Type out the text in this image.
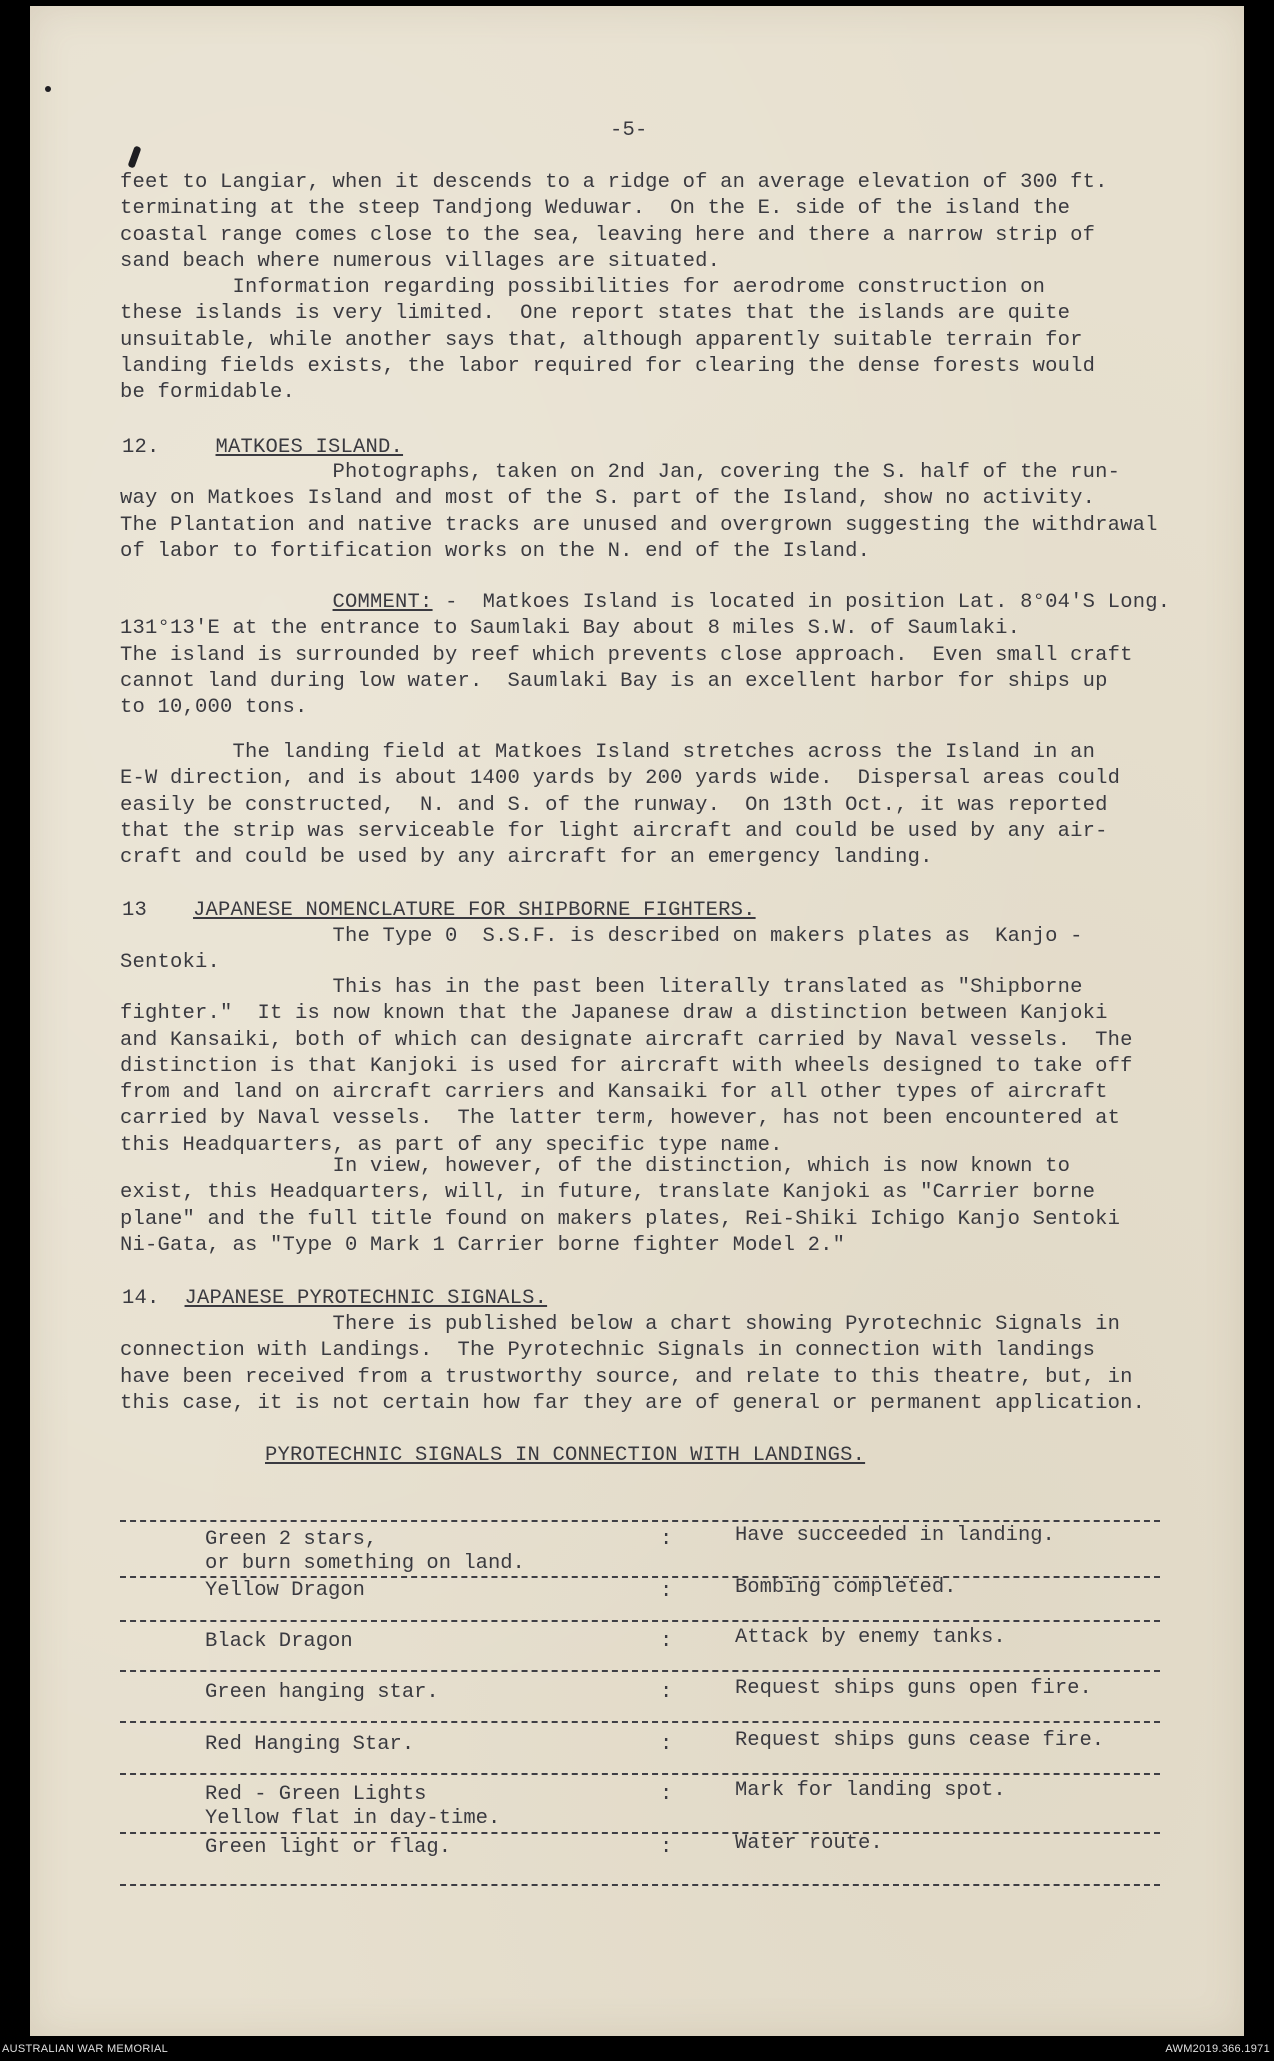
-5-
feet to Langiar, when it descends to a ridge of an average elevation of 300 ft.
terminating at the steep Tandjong Weduwar.  On the E. side of the island the
coastal range comes close to the sea, leaving here and there a narrow strip of
sand beach where numerous villages are situated.
Information regarding possibilities for aerodrome construction on
these islands is very limited.  One report states that the islands are quite
unsuitable, while another says that, although apparently suitable terrain for
landing fields exists, the labor required for clearing the dense forests would
be formidable.
12.	MATKOES ISLAND.
Photographs, taken on 2nd Jan, covering the S. half of the run-
way on Matkoes Island and most of the S. part of the Island, show no activity.
The Plantation and native tracks are unused and overgrown suggesting the withdrawal
of labor to fortification works on the N. end of the Island.
COMMENT: -  Matkoes Island is located in position Lat. 8°04'S Long.
131°13'E at the entrance to Saumlaki Bay about 8 miles S.W. of Saumlaki.
The island is surrounded by reef which prevents close approach.  Even small craft
cannot land during low water.  Saumlaki Bay is an excellent harbor for ships up
to 10,000 tons.
The landing field at Matkoes Island stretches across the Island in an
E-W direction, and is about 1400 yards by 200 yards wide.  Dispersal areas could
easily be constructed,  N. and S. of the runway.  On 13th Oct., it was reported
that the strip was serviceable for light aircraft and could be used by any air-
craft and could be used by any aircraft for an emergency landing.
13 JAPANESE NOMENCLATURE FOR SHIPBORNE FIGHTERS.
The Type 0  S.S.F. is described on makers plates as  Kanjo -
Sentoki.
This has in the past been literally translated as "Shipborne
fighter."  It is now known that the Japanese draw a distinction between Kanjoki
and Kansaiki, both of which can designate aircraft carried by Naval vessels.  The
distinction is that Kanjoki is used for aircraft with wheels designed to take off
from and land on aircraft carriers and Kansaiki for all other types of aircraft
carried by Naval vessels.  The latter term, however, has not been encountered at
this Headquarters, as part of any specific type name.
In view, however, of the distinction, which is now known to
exist, this Headquarters, will, in future, translate Kanjoki as "Carrier borne
plane" and the full title found on makers plates, Rei-Shiki Ichigo Kanjo Sentoki
Ni-Gata, as "Type 0 Mark 1 Carrier borne fighter Model 2."
14. JAPANESE PYROTECHNIC SIGNALS.
There is published below a chart showing Pyrotechnic Signals in
connection with Landings.  The Pyrotechnic Signals in connection with landings
have been received from a trustworthy source, and relate to this theatre, but, in
this case, it is not certain how far they are of general or permanent application.
PYROTECHNIC SIGNALS IN CONNECTION WITH LANDINGS.
Green 2 stars,
or burn something on land.
:	Have succeeded in landing.
Yellow Dragon	:	Bombing completed.
Black Dragon	:	Attack by enemy tanks.
Green hanging star.	:	Request ships guns open fire.
Red Hanging Star.	:	Request ships guns cease fire.
Red - Green Lights
Yellow flat in day-time.
:	Mark for landing spot.
Green light or flag.	:	Water route.
AUSTRALIAN WAR MEMORIAL	AWM2019.366.1971
